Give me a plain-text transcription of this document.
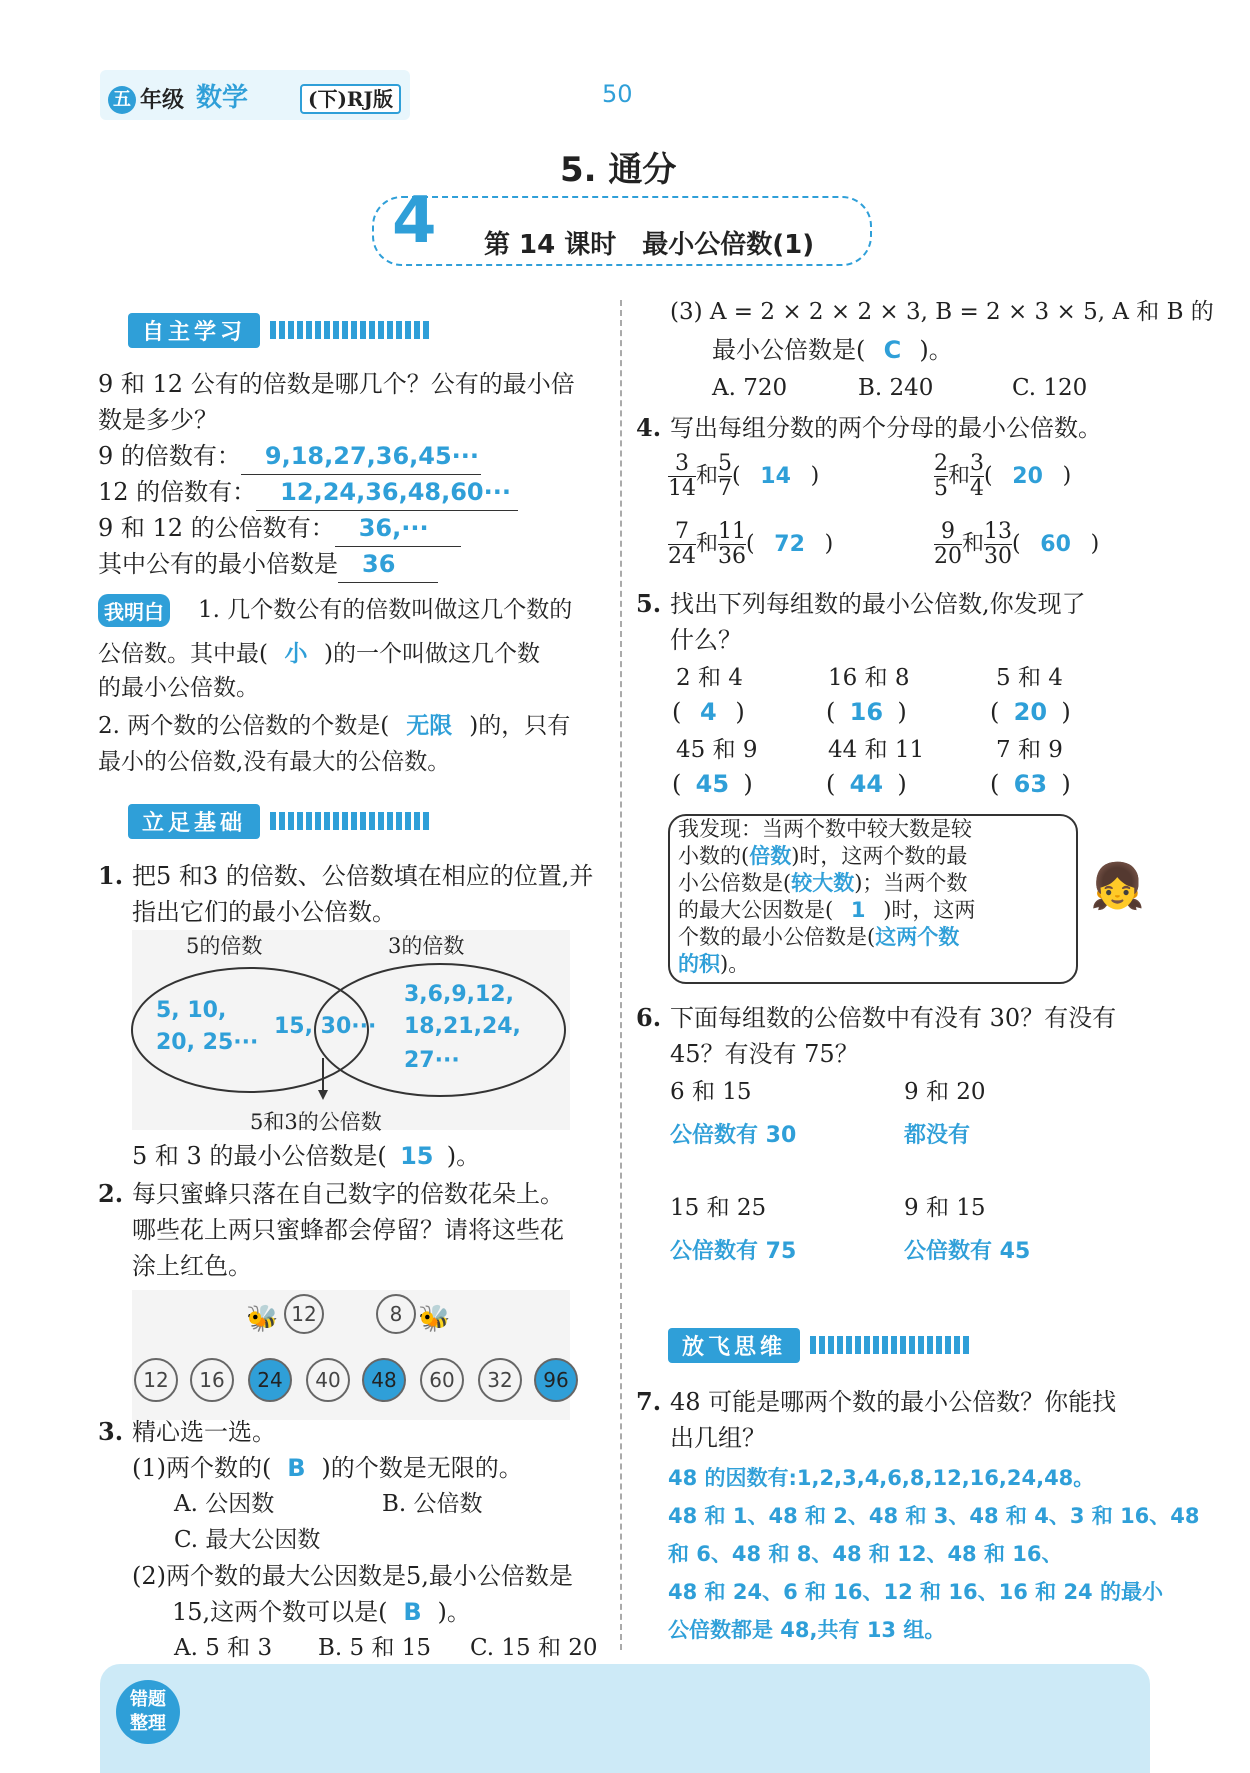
五 年级 数学	(下)RJ版	50
5. 通分
4 第 14 课时　最小公倍数(1)
自主学习
9 和 12 公有的倍数是哪几个？公有的最小倍
数是多少？
9 的倍数有： 9,18,27,36,45···
12 的倍数有： 12,24,36,48,60···
9 和 12 的公倍数有： 36,···
其中公有的最小倍数是 36
我明白 1. 几个数公有的倍数叫做这几个数的
公倍数。其中最( 小 )的一个叫做这几个数
的最小公倍数。
2. 两个数的公倍数的个数是( 无限 )的，只有
最小的公倍数,没有最大的公倍数。
立足基础
1. 把5 和3 的倍数、公倍数填在相应的位置,并
指出它们的最小公倍数。
5的倍数	3的倍数
5, 10,
20, 25···
15, 30···
3,6,9,12,
18,21,24,
27···
5和3的公倍数
5 和 3 的最小公倍数是( 15 )。
2. 每只蜜蜂只落在自己数字的倍数花朵上。
哪些花上两只蜜蜂都会停留？请将这些花
涂上红色。
🐝 12	8 🐝
12	16	24	40	48	60	32	96
3. 精心选一选。
(1)两个数的( B )的个数是无限的。
A. 公因数	B. 公倍数
C. 最大公因数
(2)两个数的最大公因数是5,最小公倍数是
15,这两个数可以是( B )。
A. 5 和 3 B. 5 和 15 C. 15 和 20
(3) A = 2 × 2 × 2 × 3, B = 2 × 3 × 5, A 和 B 的
最小公倍数是( C )。
A. 720	B. 240	C. 120
4. 写出每组分数的两个分母的最小公倍数。
$\frac{3}{14}$ 和 $\frac{5}{7}$ ( 14 )	$\frac{2}{5}$ 和 $\frac{3}{4}$ ( 20 )
$\frac{7}{24}$ 和 $\frac{11}{36}$ ( 72 )	$\frac{9}{20}$ 和 $\frac{13}{30}$ ( 60 )
5. 找出下列每组数的最小公倍数,你发现了
什么？
2 和 4	16 和 8	5 和 4
( 4 )	( 16 )	( 20 )
45 和 9	44 和 11	7 和 9
( 45 )	( 44 )	( 63 )
👧
我发现：当两个数中较大数是较
小数的(倍数)时，这两个数的最
小公倍数是(较大数)；当两个数
的最大公因数是( 1 )时，这两
个数的最小公倍数是(这两个数
的积)。
6. 下面每组数的公倍数中有没有 30？有没有
45？有没有 75？
6 和 15	9 和 20
公倍数有 30	都没有
15 和 25	9 和 15
公倍数有 75	公倍数有 45
放飞思维
7. 48 可能是哪两个数的最小公倍数？你能找
出几组？
48 的因数有:1,2,3,4,6,8,12,16,24,48。
48 和 1、48 和 2、48 和 3、48 和 4、3 和 16、48
和 6、48 和 8、48 和 12、48 和 16、
48 和 24、6 和 16、12 和 16、16 和 24 的最小
公倍数都是 48,共有 13 组。
错题
整理
